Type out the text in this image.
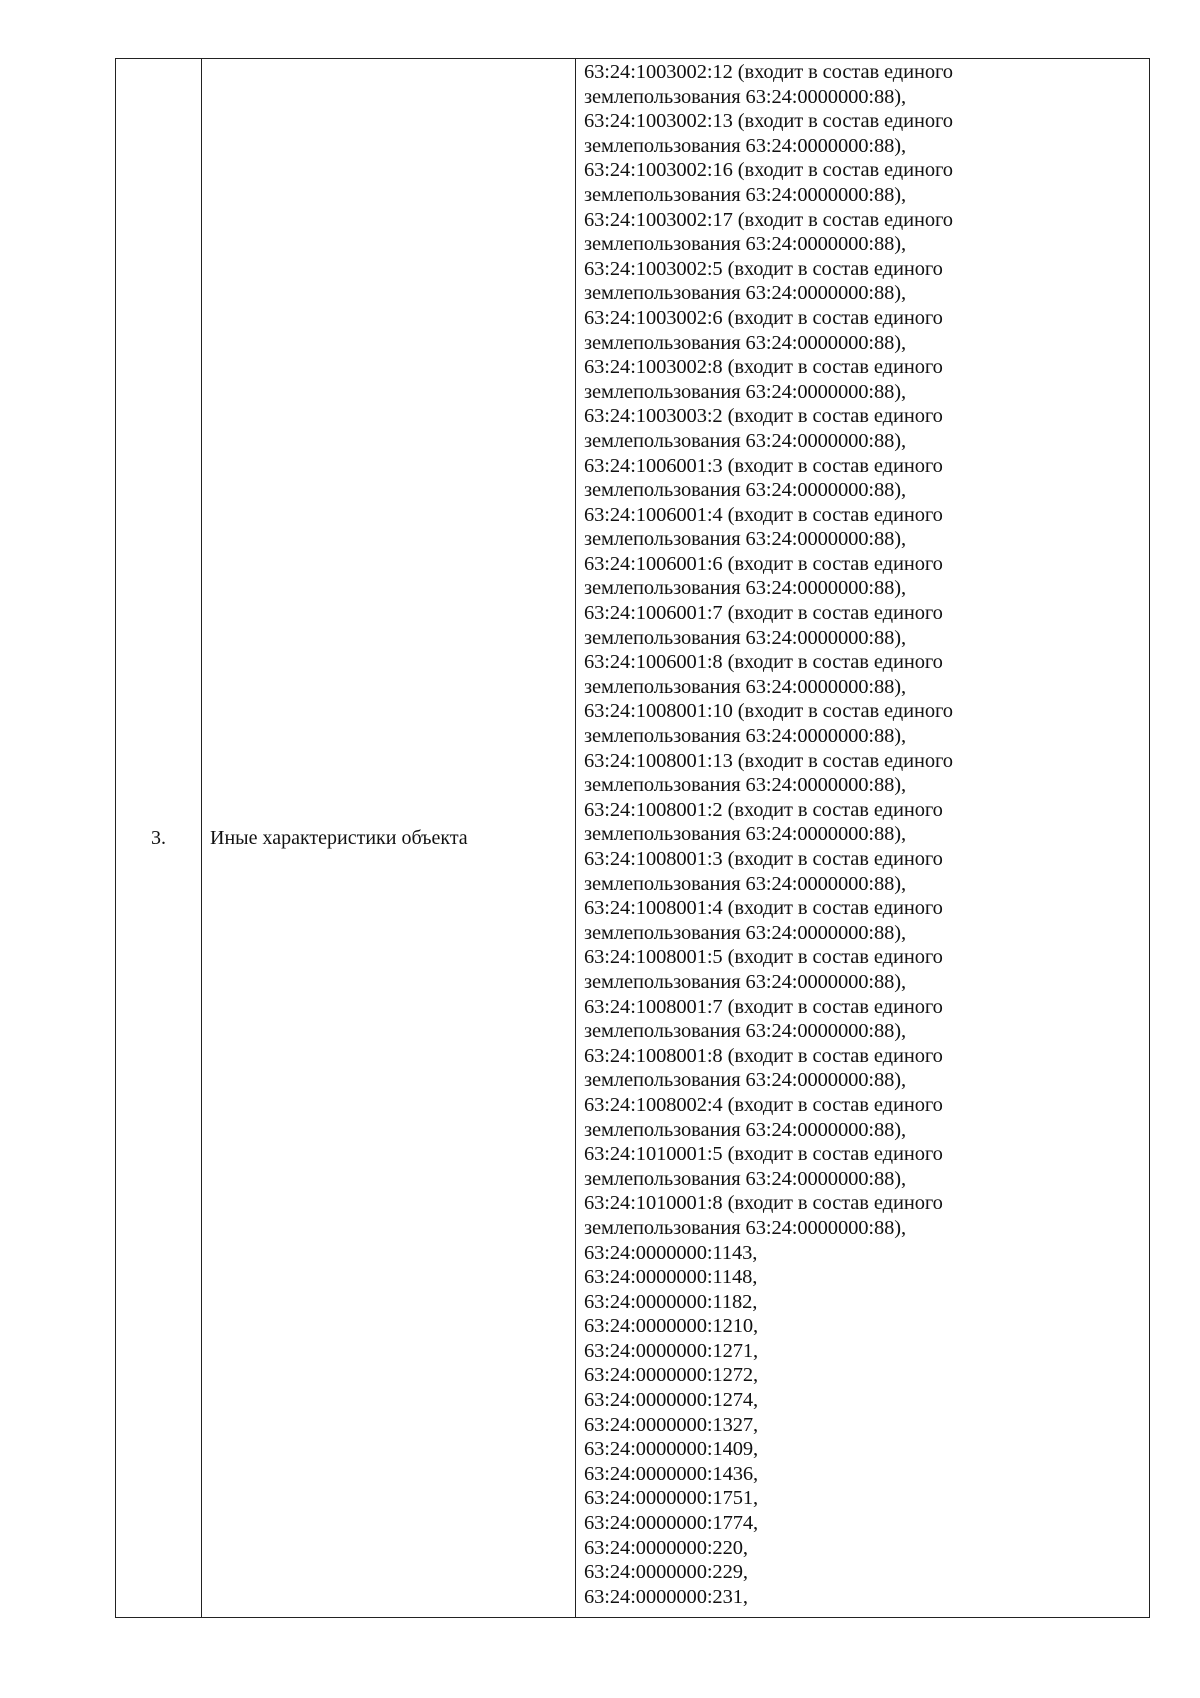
3.	Иные характеристики объекта	
63:24:1003002:12 (входит в состав единого
землепользования 63:24:0000000:88),
63:24:1003002:13 (входит в состав единого
землепользования 63:24:0000000:88),
63:24:1003002:16 (входит в состав единого
землепользования 63:24:0000000:88),
63:24:1003002:17 (входит в состав единого
землепользования 63:24:0000000:88),
63:24:1003002:5 (входит в состав единого
землепользования 63:24:0000000:88),
63:24:1003002:6 (входит в состав единого
землепользования 63:24:0000000:88),
63:24:1003002:8 (входит в состав единого
землепользования 63:24:0000000:88),
63:24:1003003:2 (входит в состав единого
землепользования 63:24:0000000:88),
63:24:1006001:3 (входит в состав единого
землепользования 63:24:0000000:88),
63:24:1006001:4 (входит в состав единого
землепользования 63:24:0000000:88),
63:24:1006001:6 (входит в состав единого
землепользования 63:24:0000000:88),
63:24:1006001:7 (входит в состав единого
землепользования 63:24:0000000:88),
63:24:1006001:8 (входит в состав единого
землепользования 63:24:0000000:88),
63:24:1008001:10 (входит в состав единого
землепользования 63:24:0000000:88),
63:24:1008001:13 (входит в состав единого
землепользования 63:24:0000000:88),
63:24:1008001:2 (входит в состав единого
землепользования 63:24:0000000:88),
63:24:1008001:3 (входит в состав единого
землепользования 63:24:0000000:88),
63:24:1008001:4 (входит в состав единого
землепользования 63:24:0000000:88),
63:24:1008001:5 (входит в состав единого
землепользования 63:24:0000000:88),
63:24:1008001:7 (входит в состав единого
землепользования 63:24:0000000:88),
63:24:1008001:8 (входит в состав единого
землепользования 63:24:0000000:88),
63:24:1008002:4 (входит в состав единого
землепользования 63:24:0000000:88),
63:24:1010001:5 (входит в состав единого
землепользования 63:24:0000000:88),
63:24:1010001:8 (входит в состав единого
землепользования 63:24:0000000:88),
63:24:0000000:1143,
63:24:0000000:1148,
63:24:0000000:1182,
63:24:0000000:1210,
63:24:0000000:1271,
63:24:0000000:1272,
63:24:0000000:1274,
63:24:0000000:1327,
63:24:0000000:1409,
63:24:0000000:1436,
63:24:0000000:1751,
63:24:0000000:1774,
63:24:0000000:220,
63:24:0000000:229,
63:24:0000000:231,
